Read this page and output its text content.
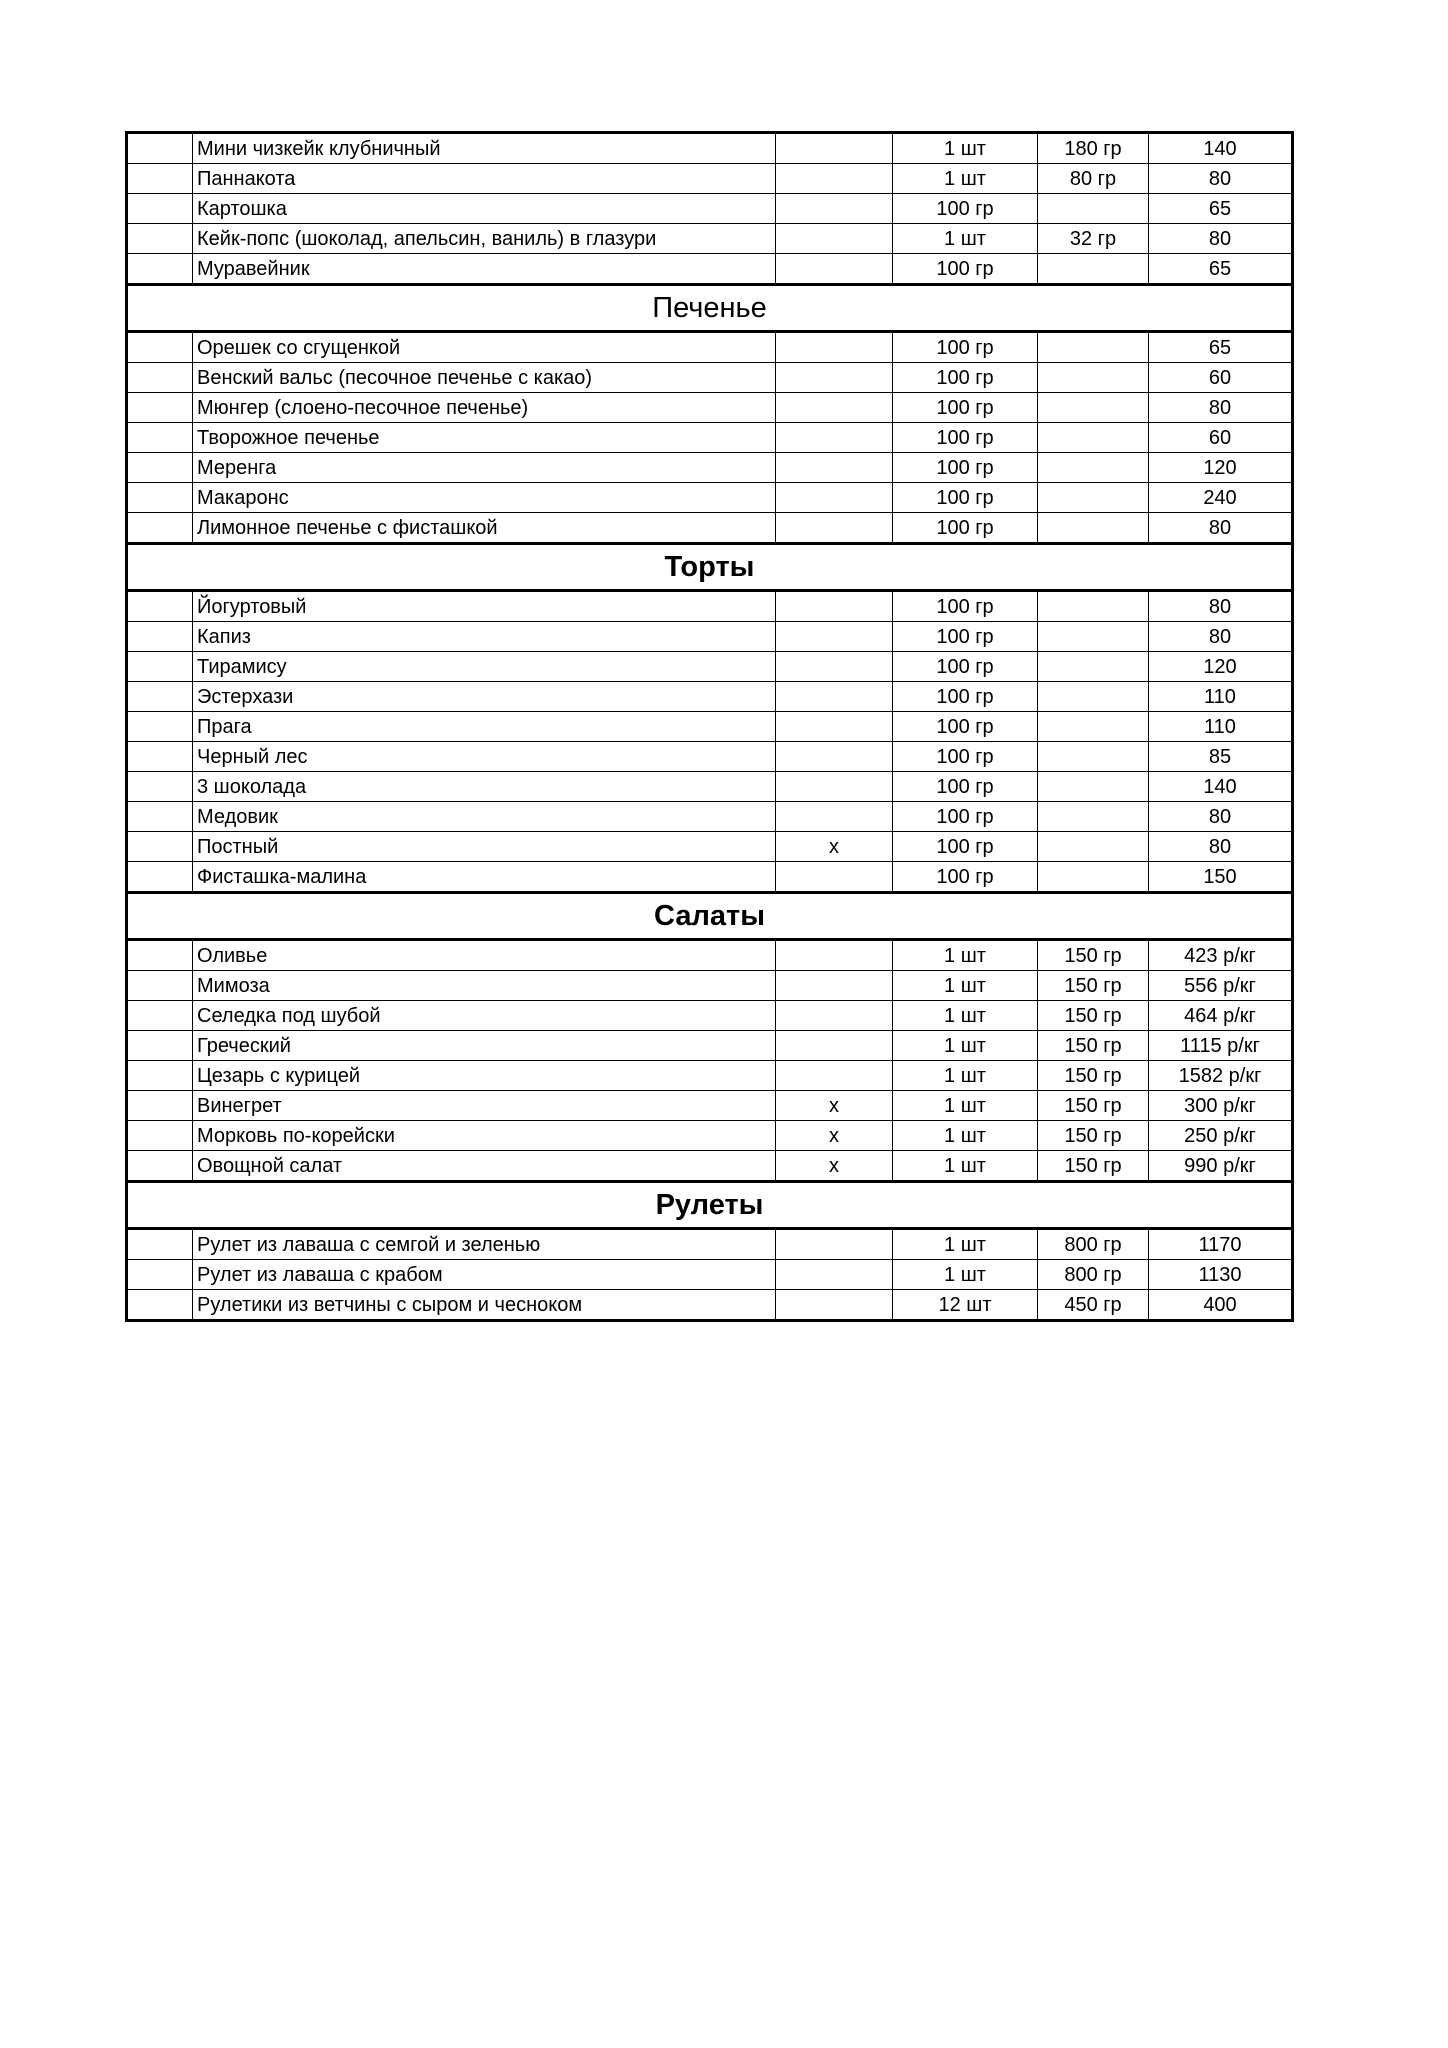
	Мини чизкейк клубничный		1 шт	180 гр	140
	Паннакота		1 шт	80 гр	80
	Картошка		100 гр		65
	Кейк-попс (шоколад, апельсин, ваниль) в глазури		1 шт	32 гр	80
	Муравейник		100 гр		65
Печенье					
	Орешек со сгущенкой		100 гр		65
	Венский вальс (песочное печенье с какао)		100 гр		60
	Мюнгер (слоено-песочное печенье)		100 гр		80
	Творожное печенье		100 гр		60
	Меренга		100 гр		120
	Макаронс		100 гр		240
	Лимонное печенье с фисташкой		100 гр		80
Торты					
	Йогуртовый		100 гр		80
	Капиз		100 гр		80
	Тирамису		100 гр		120
	Эстерхази		100 гр		110
	Прага		100 гр		110
	Черный лес		100 гр		85
	3 шоколада		100 гр		140
	Медовик		100 гр		80
	Постный	x	100 гр		80
	Фисташка-малина		100 гр		150
Салаты					
	Оливье		1 шт	150 гр	423 р/кг
	Мимоза		1 шт	150 гр	556 р/кг
	Селедка под шубой		1 шт	150 гр	464 р/кг
	Греческий		1 шт	150 гр	1115 р/кг
	Цезарь с курицей		1 шт	150 гр	1582 р/кг
	Винегрет	x	1 шт	150 гр	300 р/кг
	Морковь по-корейски	x	1 шт	150 гр	250 р/кг
	Овощной салат	x	1 шт	150 гр	990 р/кг
Рулеты					
	Рулет из лаваша с семгой и зеленью		1 шт	800 гр	1170
	Рулет из лаваша с крабом		1 шт	800 гр	1130
	Рулетики из ветчины с сыром и чесноком		12 шт	450 гр	400
